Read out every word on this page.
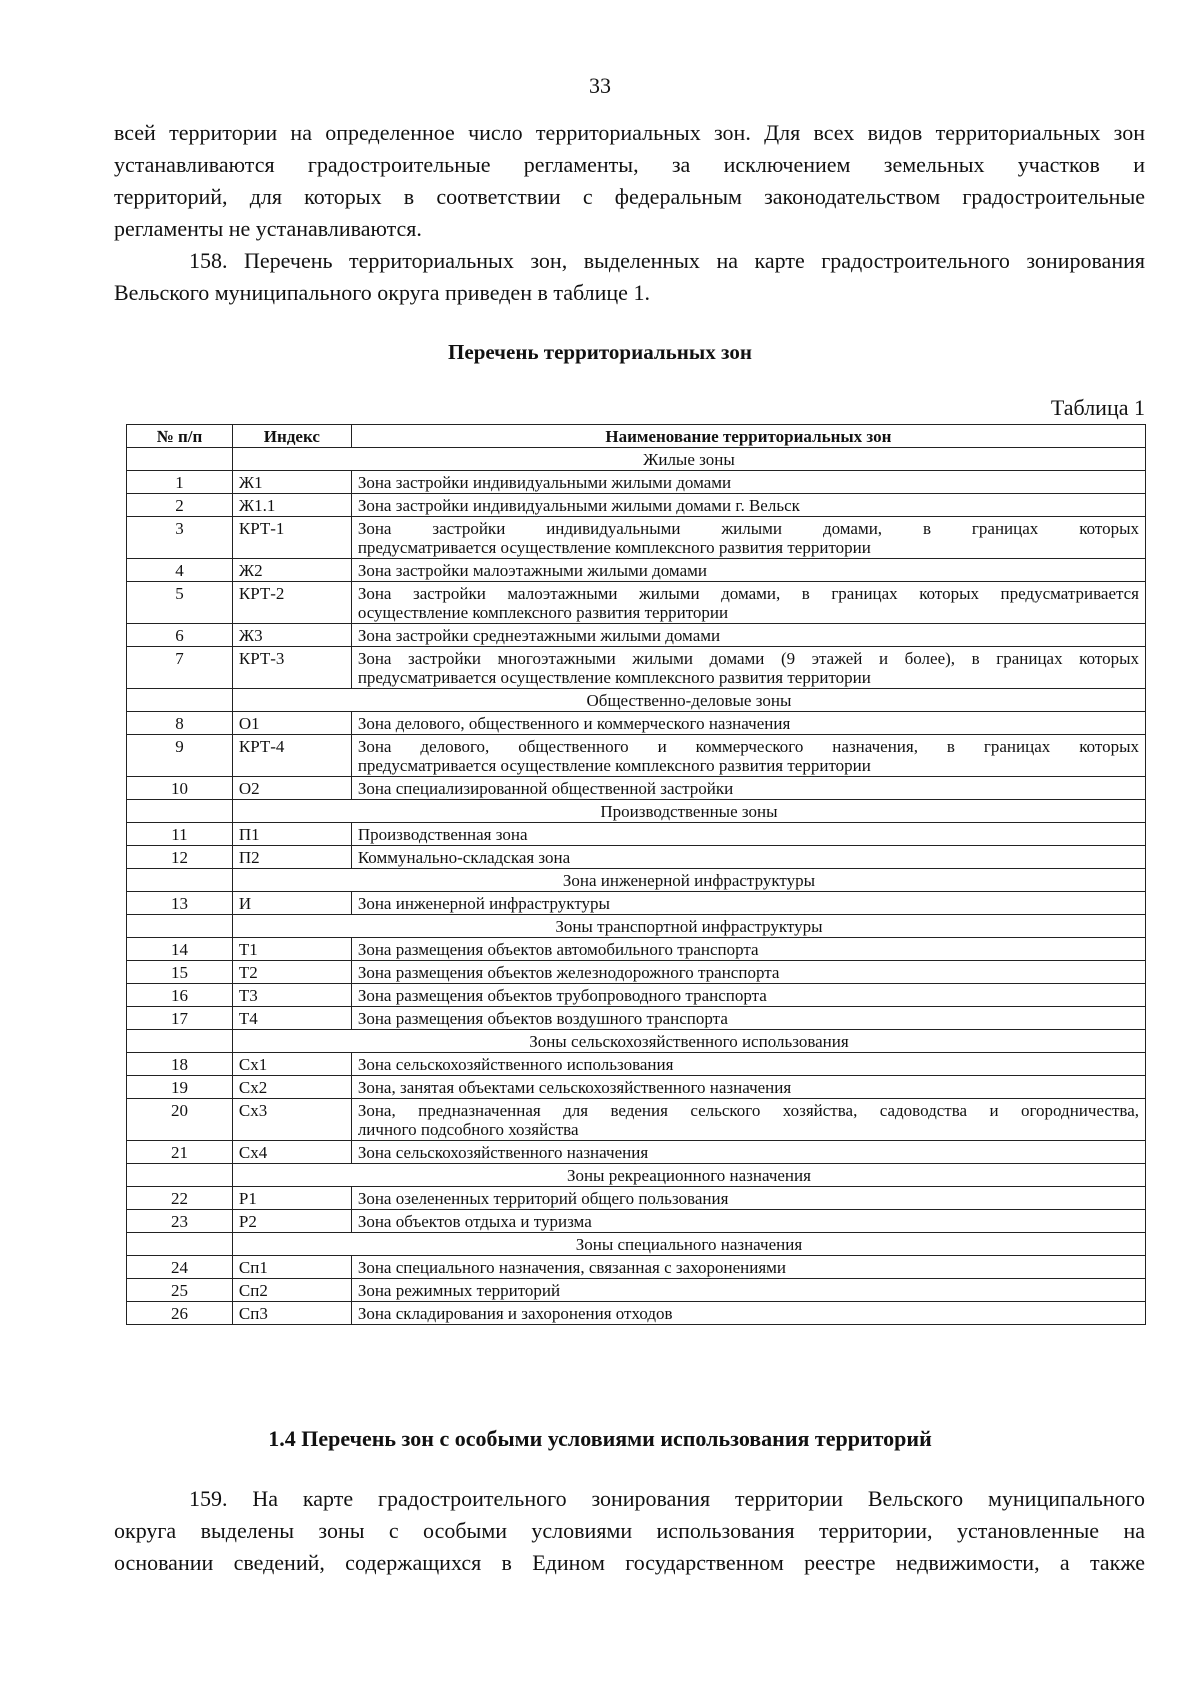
33
всей территории на определенное число территориальных зон. Для всех видов территориальных зон
устанавливаются градостроительные регламенты, за исключением земельных участков и
территорий, для которых в соответствии с федеральным законодательством градостроительные
регламенты не устанавливаются.
158. Перечень территориальных зон, выделенных на карте градостроительного зонирования
Вельского муниципального округа приведен в таблице 1.
Перечень территориальных зон
Таблица 1
№ п/п	Индекс	Наименование территориальных зон
	Жилые зоны	
1	Ж1	Зона застройки индивидуальными жилыми домами

2	Ж1.1	Зона застройки индивидуальными жилыми домами г. Вельск

3	КРТ-1	Зона застройки индивидуальными жилыми домами, в границах которых
предусматривается осуществление комплексного развития территории

4	Ж2	Зона застройки малоэтажными жилыми домами

5	КРТ-2	Зона застройки малоэтажными жилыми домами, в границах которых предусматривается
осуществление комплексного развития территории

6	Ж3	Зона застройки среднеэтажными жилыми домами

7	КРТ-3	Зона застройки многоэтажными жилыми домами (9 этажей и более), в границах которых
предусматривается осуществление комплексного развития территории

	Общественно-деловые зоны	
8	О1	Зона делового, общественного и коммерческого назначения

9	КРТ-4	Зона делового, общественного и коммерческого назначения, в границах которых
предусматривается осуществление комплексного развития территории

10	О2	Зона специализированной общественной застройки

	Производственные зоны	
11	П1	Производственная зона

12	П2	Коммунально-складская зона

	Зона инженерной инфраструктуры	
13	И	Зона инженерной инфраструктуры

	Зоны транспортной инфраструктуры	
14	Т1	Зона размещения объектов автомобильного транспорта

15	Т2	Зона размещения объектов железнодорожного транспорта

16	Т3	Зона размещения объектов трубопроводного транспорта

17	Т4	Зона размещения объектов воздушного транспорта

	Зоны сельскохозяйственного использования	
18	Сх1	Зона сельскохозяйственного использования

19	Сх2	Зона, занятая объектами сельскохозяйственного назначения

20	Сх3	Зона, предназначенная для ведения сельского хозяйства, садоводства и огородничества,
личного подсобного хозяйства

21	Сх4	Зона сельскохозяйственного назначения

	Зоны рекреационного назначения	
22	Р1	Зона озелененных территорий общего пользования

23	Р2	Зона объектов отдыха и туризма

	Зоны специального назначения	
24	Сп1	Зона специального назначения, связанная с захоронениями

25	Сп2	Зона режимных территорий

26	Сп3	Зона складирования и захоронения отходов
1.4 Перечень зон с особыми условиями использования территорий
159. На карте градостроительного зонирования территории Вельского муниципального
округа выделены зоны с особыми условиями использования территории, установленные на
основании сведений, содержащихся в Едином государственном реестре недвижимости, а также
